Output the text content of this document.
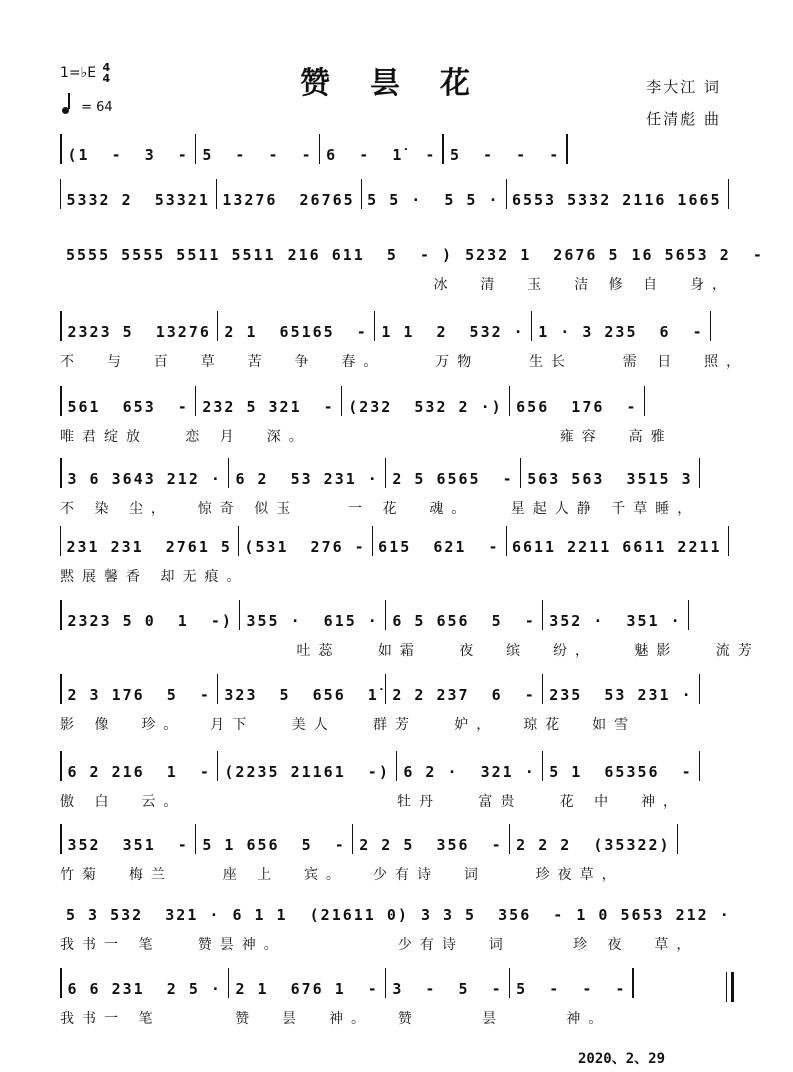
赞昙花
1=♭E 4
4
= 64
李大江 词
任清彪 曲
(1  -  3  - 5  -  -  - 6  -  1̇  - 5  -  -  -
5332 2  53321 13276  26765 5 5 ·  5 5 · 6553 5332 2116 1665
5555 5555 5511 5511 216 611  5  - ) 5232 1  2676 5 16 5653 2  -
冰  清  玉  洁 修 自  身，
2323 5  13276 2 1  65165  - 1 1  2  532 · 1 · 3 235  6  -
不  与  百  草  苦  争  春。    万物    生长    需 日  照，
561  653  - 232 5 321  - (232  532 2 ·) 656  176  -
唯君绽放   恋 月  深。                    雍容  高雅
3 6 3643 212 · 6 2  53 231 · 2 5 6565  - 563 563  3515 3
不 染 尘，  惊奇 似玉    一 花  魂。   星起人静 千草睡，
231 231  2761 5 (531  276 - 615  621  - 6611 2211 6611 2211
黙展馨香 却无痕。
2323 5 0  1  -) 355 ·  615 · 6 5 656  5  - 352 ·  351 ·
吐蕊   如霜   夜  缤  纷，   魅影   流芳
2 3 176  5  - 323  5  656  1̇ 2 2 237  6  - 235  53 231 ·
影 像  珍。  月下   美人   群芳   妒，  琼花  如雪
6 2 216  1  - (2235 21161  -) 6 2 ·  321 · 5 1  65356  -
傲 白  云。                 牡丹   富贵   花 中  神，
352  351  - 5 1 656  5  - 2 2 5  356  - 2 2 2  (35322)
竹菊  梅兰    座 上  宾。  少有诗  词    珍夜草，
5 3 532  321 · 6 1 1  (21611 0) 3 3 5  356  - 1 0 5653 212 ·
我书一 笔   赞昙神。         少有诗  词     珍 夜  草，
6 6 231  2 5 · 2 1  676 1  - 3  -  5  - 5  -  -  -
我书一 笔      赞  昙  神。  赞     昙     神。
2020、2、29
